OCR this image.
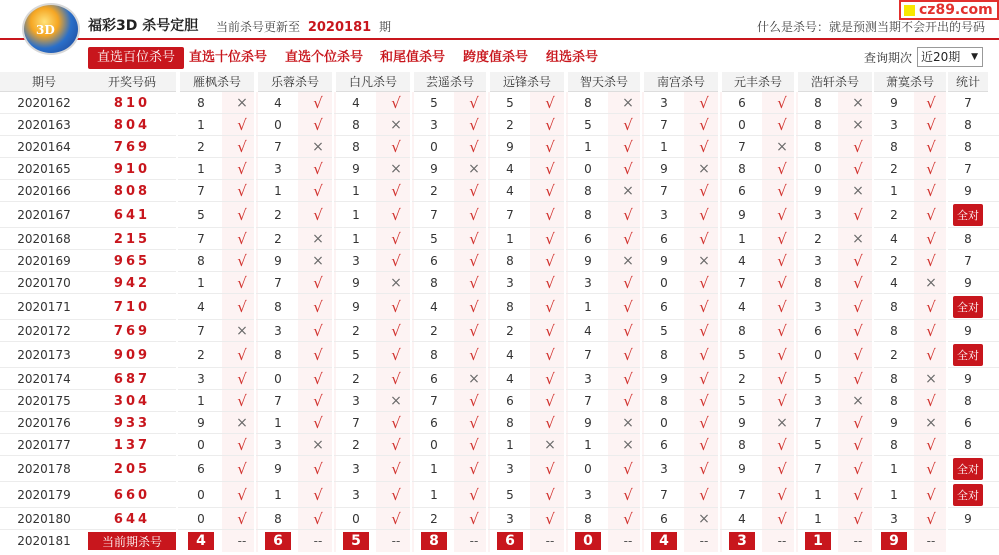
3D 福彩3D 杀号定胆 当前杀号更新至 2020181 期	什么是杀号：就是预测当期不会开出的号码
cz89.com
直选百位杀号	直选十位杀号 直选个位杀号 和尾值杀号 跨度值杀号 组选杀号	查询期次 近20期 ▼
期号	开奖号码	雁枫杀号	乐蓉杀号	白凡杀号	芸遥杀号	远锋杀号	智天杀号	南宫杀号	元丰杀号	浩轩杀号	萧寞杀号	统计
2020162	810	8	×	4	√	4	√	5	√	5	√	8	×	3	√	6	√	8	×	9	√	7
2020163	804	1	√	0	√	8	×	3	√	2	√	5	√	7	√	0	√	8	×	3	√	8
2020164	769	2	√	7	×	8	√	0	√	9	√	1	√	1	√	7	×	8	√	8	√	8
2020165	910	1	√	3	√	9	×	9	×	4	√	0	√	9	×	8	√	0	√	2	√	7
2020166	808	7	√	1	√	1	√	2	√	4	√	8	×	7	√	6	√	9	×	1	√	9
2020167	641	5	√	2	√	1	√	7	√	7	√	8	√	3	√	9	√	3	√	2	√	全对
2020168	215	7	√	2	×	1	√	5	√	1	√	6	√	6	√	1	√	2	×	4	√	8
2020169	965	8	√	9	×	3	√	6	√	8	√	9	×	9	×	4	√	3	√	2	√	7
2020170	942	1	√	7	√	9	×	8	√	3	√	3	√	0	√	7	√	8	√	4	×	9
2020171	710	4	√	8	√	9	√	4	√	8	√	1	√	6	√	4	√	3	√	8	√	全对
2020172	769	7	×	3	√	2	√	2	√	2	√	4	√	5	√	8	√	6	√	8	√	9
2020173	909	2	√	8	√	5	√	8	√	4	√	7	√	8	√	5	√	0	√	2	√	全对
2020174	687	3	√	0	√	2	√	6	×	4	√	3	√	9	√	2	√	5	√	8	×	9
2020175	304	1	√	7	√	3	×	7	√	6	√	7	√	8	√	5	√	3	×	8	√	8
2020176	933	9	×	1	√	7	√	6	√	8	√	9	×	0	√	9	×	7	√	9	×	6
2020177	137	0	√	3	×	2	√	0	√	1	×	1	×	6	√	8	√	5	√	8	√	8
2020178	205	6	√	9	√	3	√	1	√	3	√	0	√	3	√	9	√	7	√	1	√	全对
2020179	660	0	√	1	√	3	√	1	√	5	√	3	√	7	√	7	√	1	√	1	√	全对
2020180	644	0	√	8	√	0	√	2	√	3	√	8	√	6	×	4	√	1	√	3	√	9
2020181	当前期杀号	4	--	6	--	5	--	8	--	6	--	0	--	4	--	3	--	1	--	9	--
